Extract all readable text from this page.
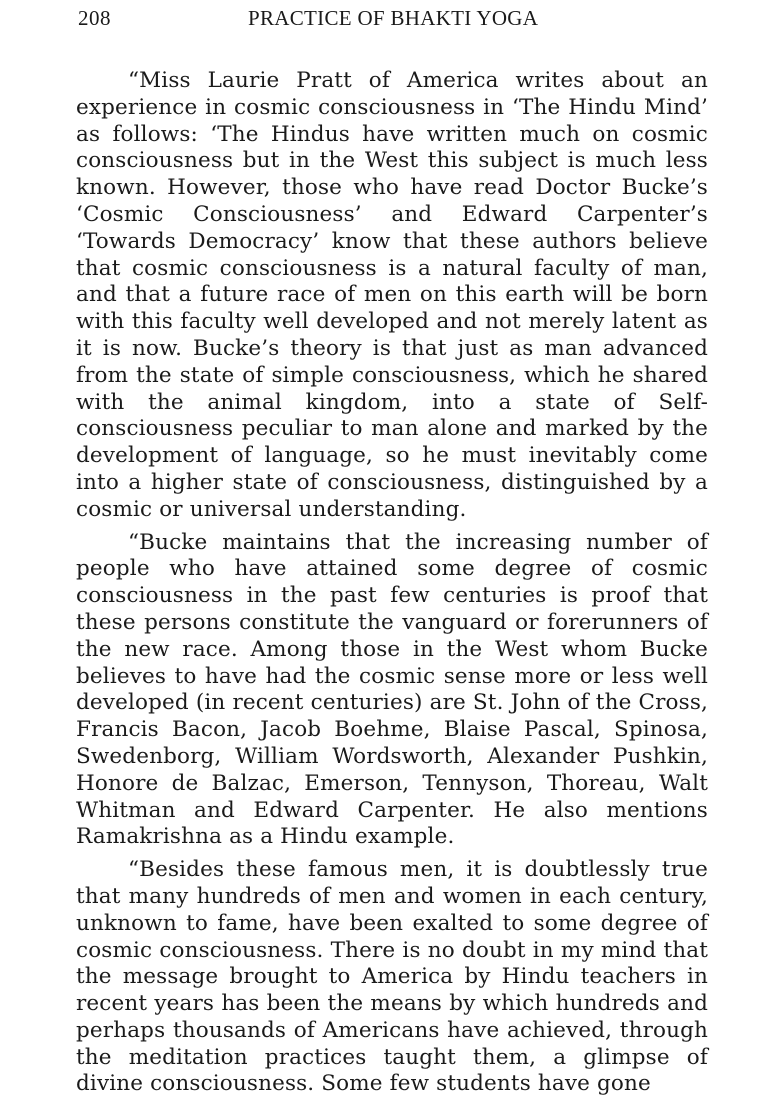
208	PRACTICE OF BHAKTI YOGA

“Miss Laurie Pratt of America writes about an experience in cosmic consciousness in ‘The Hindu Mind’ as follows: ‘The Hindus have written much on cosmic consciousness but in the West this subject is much less known. However, those who have read Doctor Bucke’s ‘Cosmic Consciousness’ and Edward Carpenter’s ‘Towards Democracy’ know that these authors believe that cosmic consciousness is a natural faculty of man, and that a future race of men on this earth will be born with this faculty well developed and not merely latent as it is now. Bucke’s theory is that just as man advanced from the state of simple consciousness, which he shared with the animal kingdom, into a state of Self-consciousness peculiar to man alone and marked by the development of language, so he must inevitably come into a higher state of consciousness, distinguished by a cosmic or universal understanding.

“Bucke maintains that the increasing number of people who have attained some degree of cosmic consciousness in the past few centuries is proof that these persons constitute the vanguard or forerunners of the new race. Among those in the West whom Bucke believes to have had the cosmic sense more or less well developed (in recent centuries) are St. John of the Cross, Francis Bacon, Jacob Boehme, Blaise Pascal, Spinosa, Swedenborg, William Wordsworth, Alexander Pushkin, Honore de Balzac, Emerson, Tennyson, Thoreau, Walt Whitman and Edward Carpenter. He also mentions Ramakrishna as a Hindu example.

“Besides these famous men, it is doubtlessly true that many hundreds of men and women in each century, unknown to fame, have been exalted to some degree of cosmic consciousness. There is no doubt in my mind that the message brought to America by Hindu teachers in recent years has been the means by which hundreds and perhaps thousands of Americans have achieved, through the meditation practices taught them, a glimpse of divine consciousness. Some few students have gone
